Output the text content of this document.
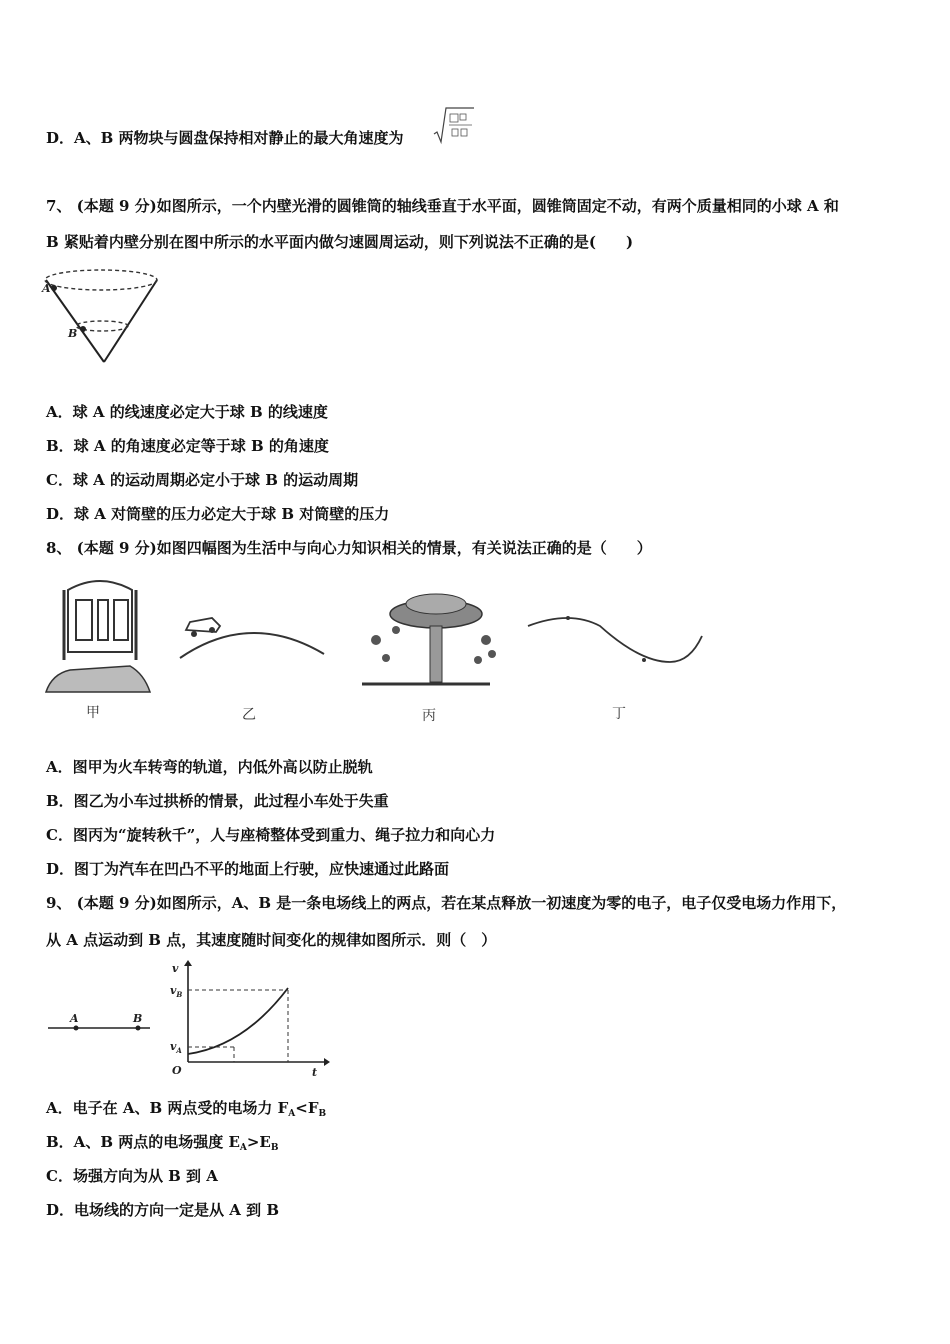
D．A、B 两物块与圆盘保持相对静止的最大角速度为
7、 (本题 9 分)如图所示，一个内壁光滑的圆锥筒的轴线垂直于水平面，圆锥筒固定不动，有两个质量相同的小球 A 和
B 紧贴着内壁分别在图中所示的水平面内做匀速圆周运动，则下列说法不正确的是(　　)
A
B
A．球 A 的线速度必定大于球 B 的线速度
B．球 A 的角速度必定等于球 B 的角速度
C．球 A 的运动周期必定小于球 B 的运动周期
D．球 A 对筒壁的压力必定大于球 B 对筒壁的压力
8、 (本题 9 分)如图四幅图为生活中与向心力知识相关的情景，有关说法正确的是（　　）
甲	乙	丙	丁
A．图甲为火车转弯的轨道，内低外高以防止脱轨
B．图乙为小车过拱桥的情景，此过程小车处于失重
C．图丙为“旋转秋千”，人与座椅整体受到重力、绳子拉力和向心力
D．图丁为汽车在凹凸不平的地面上行驶，应快速通过此路面
9、 (本题 9 分)如图所示，A、B 是一条电场线上的两点，若在某点释放一初速度为零的电子，电子仅受电场力作用下，
从 A 点运动到 B 点，其速度随时间变化的规律如图所示．则（　）
A	B
v
$v_B$
$v_A$
O	t
A．电子在 A、B 两点受的电场力 $F_A<F_B$
B．A、B 两点的电场强度 $E_A>E_B$
C．场强方向为从 B 到 A
D．电场线的方向一定是从 A 到 B
